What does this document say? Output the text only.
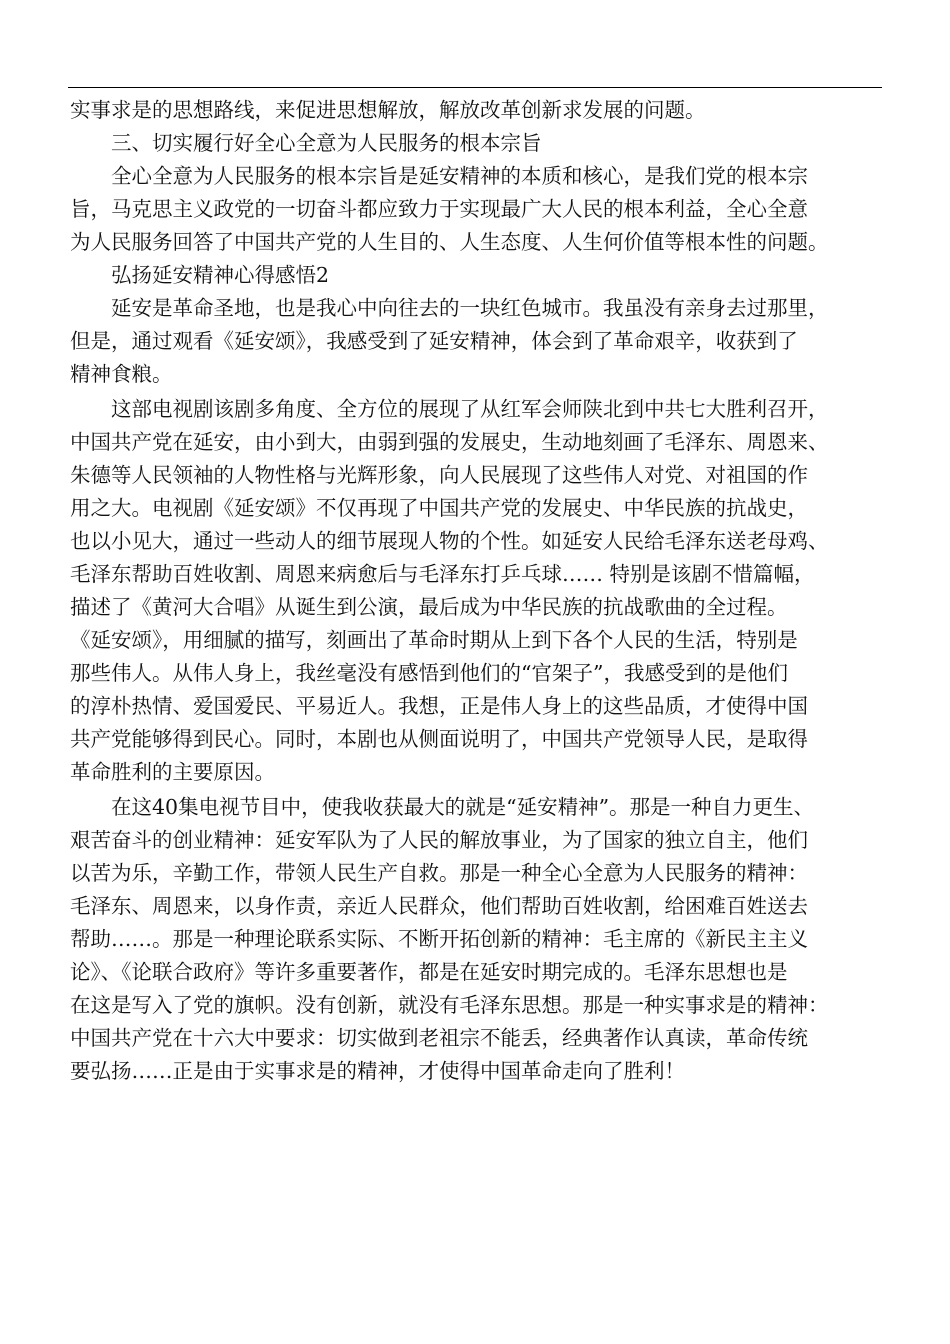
实事求是的思想路线，来促进思想解放，解放改革创新求发展的问题。
　　三、切实履行好全心全意为人民服务的根本宗旨
　　全心全意为人民服务的根本宗旨是延安精神的本质和核心，是我们党的根本宗
旨，马克思主义政党的一切奋斗都应致力于实现最广大人民的根本利益，全心全意
为人民服务回答了中国共产党的人生目的、人生态度、人生何价值等根本性的问题。
　　弘扬延安精神心得感悟2
　　延安是革命圣地，也是我心中向往去的一块红色城市。我虽没有亲身去过那里，
但是，通过观看《延安颂》，我感受到了延安精神，体会到了革命艰辛，收获到了
精神食粮。
　　这部电视剧该剧多角度、全方位的展现了从红军会师陕北到中共七大胜利召开，
中国共产党在延安，由小到大，由弱到强的发展史，生动地刻画了毛泽东、周恩来、
朱德等人民领袖的人物性格与光辉形象，向人民展现了这些伟人对党、对祖国的作
用之大。电视剧《延安颂》不仅再现了中国共产党的发展史、中华民族的抗战史，
也以小见大，通过一些动人的细节展现人物的个性。如延安人民给毛泽东送老母鸡、
毛泽东帮助百姓收割、周恩来病愈后与毛泽东打乒乓球…… 特别是该剧不惜篇幅，
描述了《黄河大合唱》从诞生到公演，最后成为中华民族的抗战歌曲的全过程。
《延安颂》，用细腻的描写，刻画出了革命时期从上到下各个人民的生活，特别是
那些伟人。从伟人身上，我丝毫没有感悟到他们的“官架子”，我感受到的是他们
的淳朴热情、爱国爱民、平易近人。我想，正是伟人身上的这些品质，才使得中国
共产党能够得到民心。同时，本剧也从侧面说明了，中国共产党领导人民，是取得
革命胜利的主要原因。
　　在这40集电视节目中，使我收获最大的就是“延安精神”。那是一种自力更生、
艰苦奋斗的创业精神：延安军队为了人民的解放事业，为了国家的独立自主，他们
以苦为乐，辛勤工作，带领人民生产自救。那是一种全心全意为人民服务的精神：
毛泽东、周恩来，以身作责，亲近人民群众，他们帮助百姓收割，给困难百姓送去
帮助……。那是一种理论联系实际、不断开拓创新的精神：毛主席的《新民主主义
论》、《论联合政府》等许多重要著作，都是在延安时期完成的。毛泽东思想也是
在这是写入了党的旗帜。没有创新，就没有毛泽东思想。那是一种实事求是的精神：
中国共产党在十六大中要求：切实做到老祖宗不能丢，经典著作认真读，革命传统
要弘扬……正是由于实事求是的精神，才使得中国革命走向了胜利！
